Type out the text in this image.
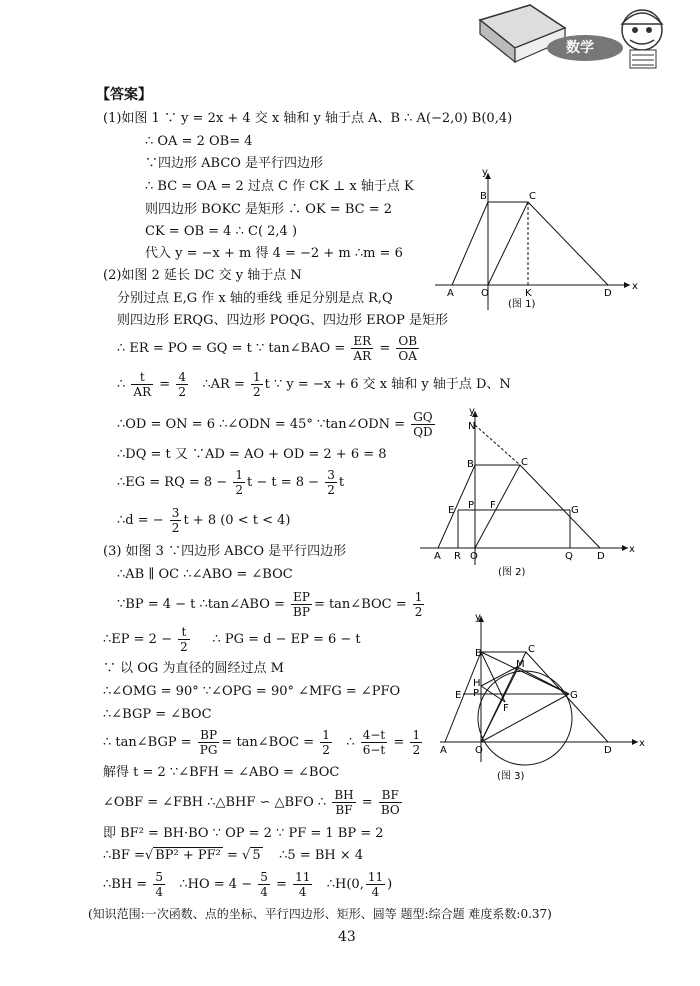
数学
【答案】
(1)如图 1 ∵ y = 2x + 4 交 x 轴和 y 轴于点 A、B ∴ A(−2,0) B(0,4)
∴ OA = 2 OB= 4
∵四边形 ABCO 是平行四边形
∴ BC = OA = 2 过点 C 作 CK ⊥ x 轴于点 K
则四边形 BOKC 是矩形 ∴ OK = BC = 2
CK = OB = 4 ∴ C( 2,4 )
代入 y = −x + m 得 4 = −2 + m ∴m = 6
(2)如图 2 延长 DC 交 y 轴于点 N
分别过点 E,G 作 x 轴的垂线 垂足分别是点 R,Q
则四边形 ERQG、四边形 POQG、四边形 EROP 是矩形
∴ ER = PO = GQ = t ∵ tan∠BAO = $\frac{ER}{AR} = \frac{OB}{OA}$
∴ $\frac{t}{AR} = \frac{4}{2}$ ∴AR = $\frac{1}{2}$ t ∵ y = −x + 6 交 x 轴和 y 轴于点 D、N
∴OD = ON = 6 ∴∠ODN = 45° ∵tan∠ODN = $\frac{GQ}{QD}$
∴DQ = t 又 ∵AD = AO + OD = 2 + 6 = 8
∴EG = RQ = $8 - \frac{1}{2}$ $t - t = 8 - \frac{3}{2}$ t
∴d = − $\frac{3}{2}$ t + 8 (0 < t < 4)
(3) 如图 3 ∵四边形 ABCO 是平行四边形
∴AB ∥ OC ∴∠ABO = ∠BOC
∵BP = 4 − t ∴tan∠ABO = $\frac{EP}{BP}$ = tan∠BOC = $\frac{1}{2}$
∴EP = $2 - \frac{t}{2}$ ∴ PG = d − EP = 6 − t
∵ 以 OG 为直径的圆经过点 M
∴∠OMG = 90° ∵∠OPG = 90° ∠MFG = ∠PFO
∴∠BGP = ∠BOC
∴ tan∠BGP = $\frac{BP}{PG}$ = tan∠BOC = $\frac{1}{2}$ ∴ $\frac{4-t}{6-t} = \frac{1}{2}$
解得 t = 2 ∵∠BFH = ∠ABO = ∠BOC
∠OBF = ∠FBH ∴△BHF ∽ △BFO ∴ $\frac{BH}{BF} = \frac{BF}{BO}$
即 BF² = BH·BO ∵ OP = 2 ∵ PF = 1 BP = 2
∴BF =√ BP² + PF² = √ 5 ∴5 = BH × 4
∴BH = $\frac{5}{4}$ ∴HO = $4 - \frac{5}{4} = \frac{11}{4}$ ∴H(0, $\frac{11}{4}$ )
(知识范围:一次函数、点的坐标、平行四边形、矩形、圆等 题型:综合题 难度系数:0.37)
43
y
x
B	C
A	O	K	D
(图 1)
y
x
N
B	C
P F
E	G
A R O	Q D
(图 2)
y
x
B	C
M
H
E P
F
G
A	O	D
(图 3)
